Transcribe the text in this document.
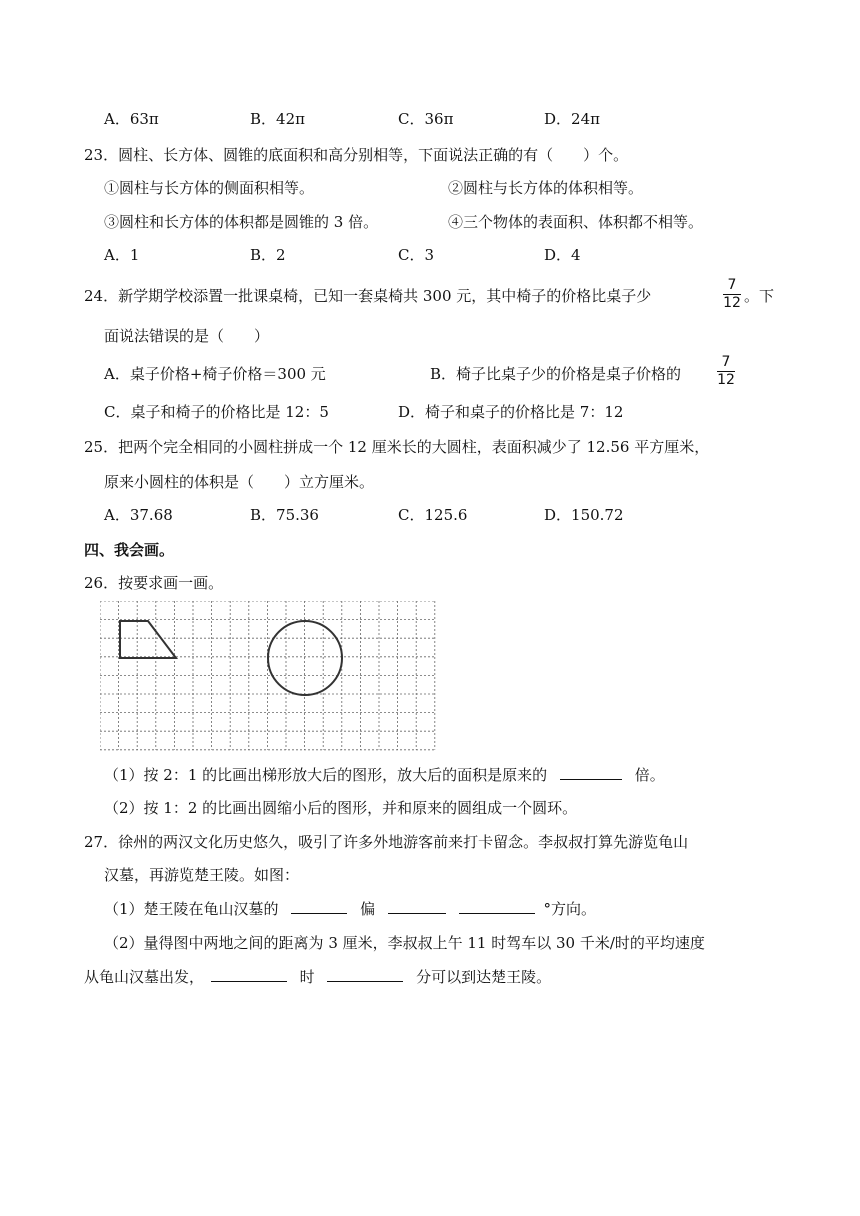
A．63π	B．42π	C．36π	D．24π
23．圆柱、长方体、圆锥的底面积和高分别相等，下面说法正确的有（　　）个。
①圆柱与长方体的侧面积相等。	②圆柱与长方体的体积相等。
③圆柱和长方体的体积都是圆锥的 3 倍。	④三个物体的表面积、体积都不相等。
A．1	B．2	C．3	D．4
24．新学期学校添置一批课桌椅，已知一套桌椅共 300 元，其中椅子的价格比桌子少
7
12 。下
面说法错误的是（　　）
A．桌子价格+椅子价格＝300 元	B．椅子比桌子少的价格是桌子价格的
7
12
C．桌子和椅子的价格比是 12：5	D．椅子和桌子的价格比是 7：12
25．把两个完全相同的小圆柱拼成一个 12 厘米长的大圆柱，表面积减少了 12.56 平方厘米，
原来小圆柱的体积是（　　）立方厘米。
A．37.68	B．75.36	C．125.6	D．150.72
四、我会画。
26．按要求画一画。
（1）按 2：1 的比画出梯形放大后的图形，放大后的面积是原来的	倍。
（2）按 1：2 的比画出圆缩小后的图形，并和原来的圆组成一个圆环。
27．徐州的两汉文化历史悠久，吸引了许多外地游客前来打卡留念。李叔叔打算先游览龟山
汉墓，再游览楚王陵。如图：
（1）楚王陵在龟山汉墓的	偏	°方向。
（2）量得图中两地之间的距离为 3 厘米，李叔叔上午 11 时驾车以 30 千米/时的平均速度
从龟山汉墓出发，	时	分可以到达楚王陵。
